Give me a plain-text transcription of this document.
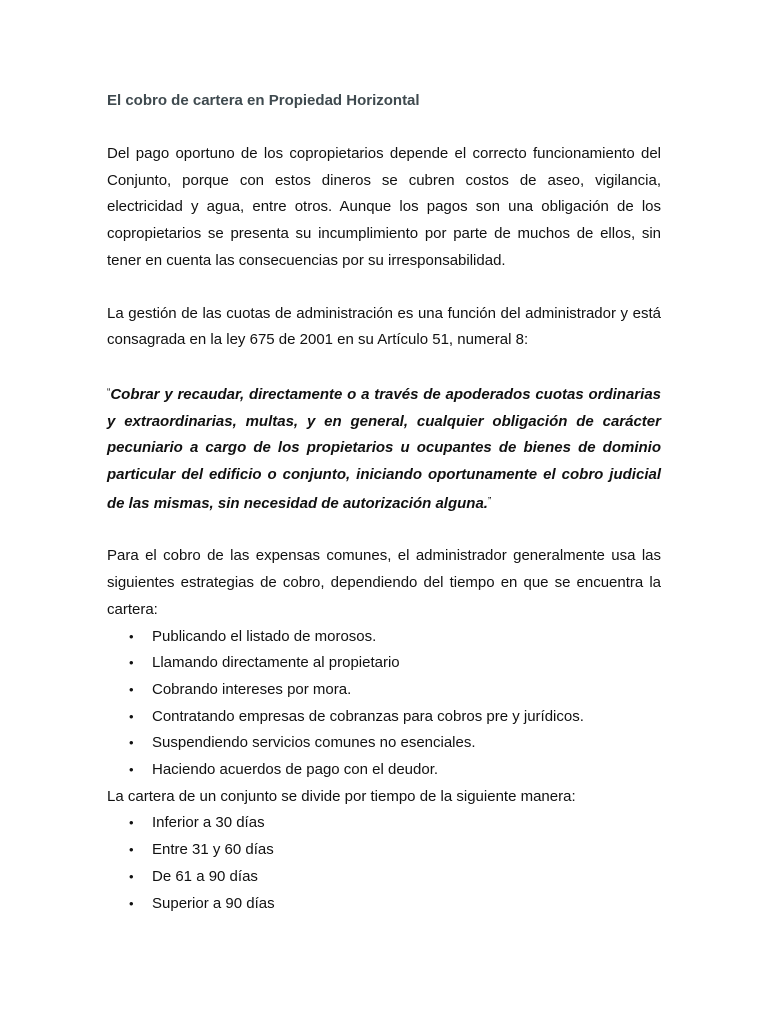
El cobro de cartera en Propiedad Horizontal

Del pago oportuno de los copropietarios depende el correcto funcionamiento del Conjunto, porque con estos dineros se cubren costos de aseo, vigilancia, electricidad y agua, entre otros. Aunque los pagos son una obligación de los copropietarios se presenta su incumplimiento por parte de muchos de ellos, sin tener en cuenta las consecuencias por su irresponsabilidad.

La gestión de las cuotas de administración es una función del administrador y está consagrada en la ley 675 de 2001 en su Artículo 51, numeral 8:

“Cobrar y recaudar, directamente o a través de apoderados cuotas ordinarias y extraordinarias, multas, y en general, cualquier obligación de carácter pecuniario a cargo de los propietarios u ocupantes de bienes de dominio particular del edificio o conjunto, iniciando oportunamente el cobro judicial de las mismas, sin necesidad de autorización alguna.”

Para el cobro de las expensas comunes, el administrador generalmente usa las siguientes estrategias de cobro, dependiendo del tiempo en que se encuentra la cartera:

• Publicando el listado de morosos.
• Llamando directamente al propietario
• Cobrando intereses por mora.
• Contratando empresas de cobranzas para cobros pre y jurídicos.
• Suspendiendo servicios comunes no esenciales.
• Haciendo acuerdos de pago con el deudor.

La cartera de un conjunto se divide por tiempo de la siguiente manera:

• Inferior a 30 días
• Entre 31 y 60 días
• De 61 a 90 días
• Superior a 90 días
